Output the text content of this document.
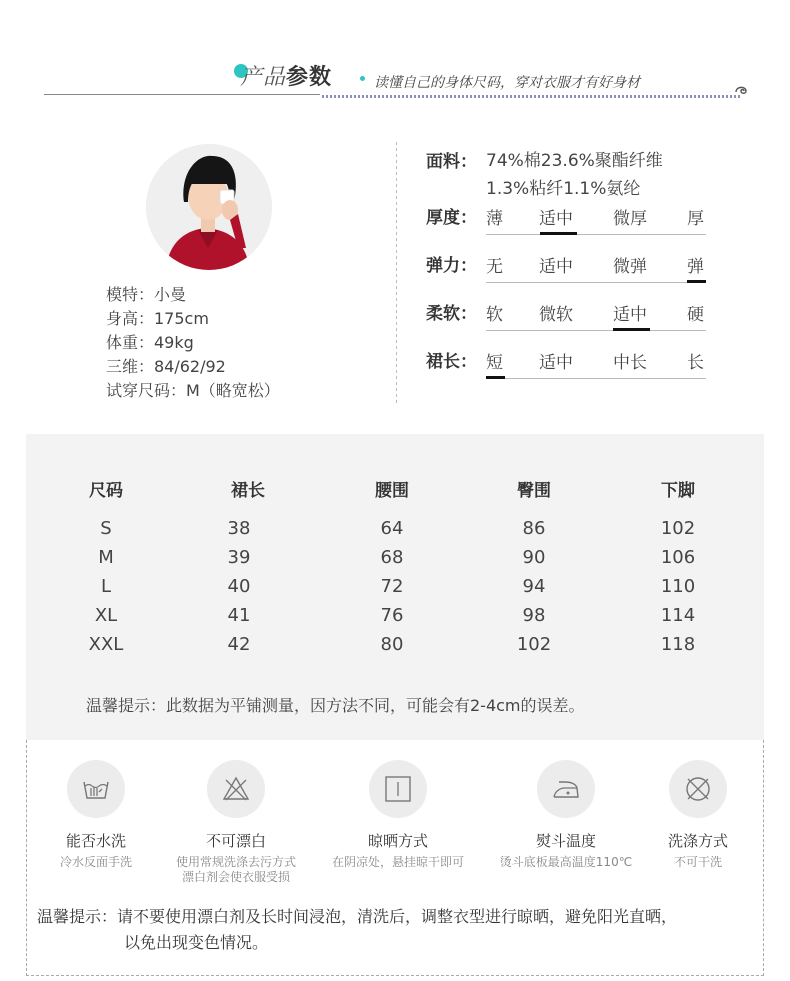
产品参数	读懂自己的身体尺码，穿对衣服才有好身材
模特：小曼
身高：175cm
体重：49kg
三维：84/62/92
试穿尺码：M（略宽松）
面料： 74%棉23.6%聚酯纤维
1.3%粘纤1.1%氨纶
厚度： 薄 适中 微厚 厚
弹力： 无 适中 微弹 弹
柔软： 软 微软 适中 硬
裙长： 短 适中 中长 长
尺码	裙长	腰围	臀围	下脚
S	38	64	86	102
M	39	68	90	106
L	40	72	94	110
XL	41	76	98	114
XXL	42	80	102	118
温馨提示：此数据为平铺测量，因方法不同，可能会有2-4cm的误差。
能否水洗
冷水反面手洗
不可漂白
使用常规洗涤去污方式
漂白剂会使衣服受损
晾晒方式
在阴凉处，悬挂晾干即可
熨斗温度
烫斗底板最高温度110℃
洗涤方式
不可干洗
温馨提示：请不要使用漂白剂及长时间浸泡，清洗后，调整衣型进行晾晒，避免阳光直晒，
以免出现变色情况。
